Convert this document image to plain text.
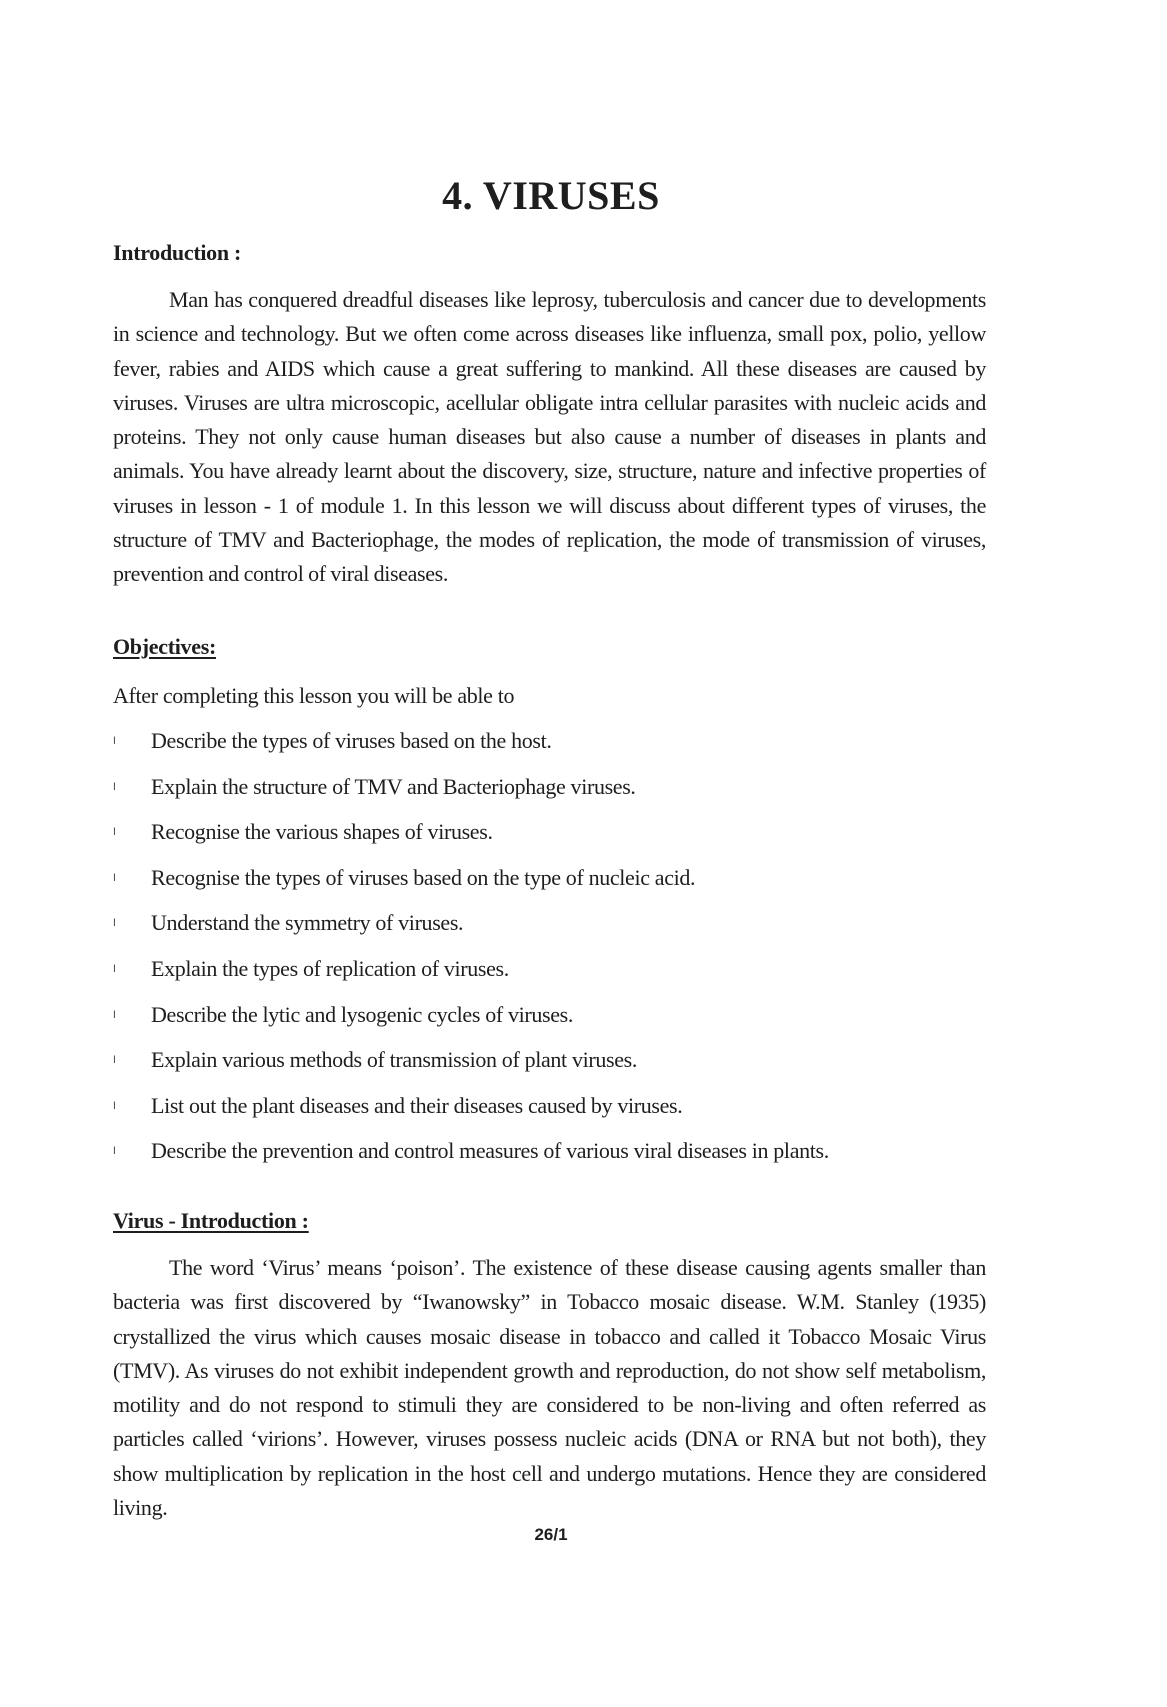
4. VIRUSES
Introduction :

Man has conquered dreadful diseases like leprosy, tuberculosis and cancer due to developments in science and technology. But we often come across diseases like influenza, small pox, polio, yellow fever, rabies and AIDS which cause a great suffering to mankind. All these diseases are caused by viruses. Viruses are ultra microscopic, acellular obligate intra cellular parasites with nucleic acids and proteins. They not only cause human diseases but also cause a number of diseases in plants and animals. You have already learnt about the discovery, size, structure, nature and infective properties of viruses in lesson - 1 of module 1. In this lesson we will discuss about different types of viruses, the structure of TMV and Bacteriophage, the modes of replication, the mode of transmission of viruses, prevention and control of viral diseases.

Objectives:

After completing this lesson you will be able to

l Describe the types of viruses based on the host.
l Explain the structure of TMV and Bacteriophage viruses.
l Recognise the various shapes of viruses.
l Recognise the types of viruses based on the type of nucleic acid.
l Understand the symmetry of viruses.
l Explain the types of replication of viruses.
l Describe the lytic and lysogenic cycles of viruses.
l Explain various methods of transmission of plant viruses.
l List out the plant diseases and their diseases caused by viruses.
l Describe the prevention and control measures of various viral diseases in plants.
Virus - Introduction :

The word ‘Virus’ means ‘poison’. The existence of these disease causing agents smaller than bacteria was first discovered by “Iwanowsky” in Tobacco mosaic disease. W.M. Stanley (1935) crystallized the virus which causes mosaic disease in tobacco and called it Tobacco Mosaic Virus (TMV). As viruses do not exhibit independent growth and reproduction, do not show self metabolism, motility and do not respond to stimuli they are considered to be non-living and often referred as particles called ‘virions’. However, viruses possess nucleic acids (DNA or RNA but not both), they show multiplication by replication in the host cell and undergo mutations. Hence they are considered living.

26/1
